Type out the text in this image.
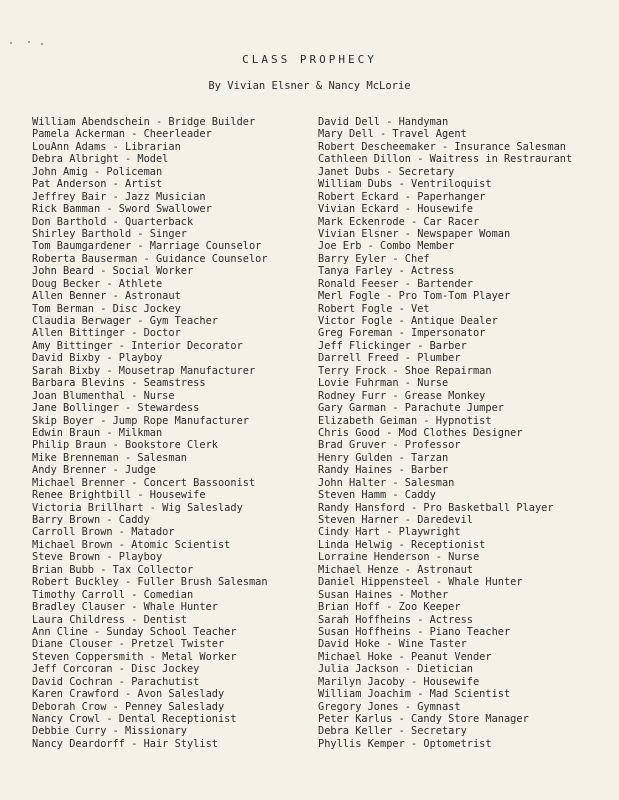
CLASS PROPHECY
By Vivian Elsner & Nancy McLorie
William Abendschein - Bridge Builder
Pamela Ackerman - Cheerleader
LouAnn Adams - Librarian
Debra Albright - Model
John Amig - Policeman
Pat Anderson - Artist
Jeffrey Bair - Jazz Musician
Rick Bamman - Sword Swallower
Don Barthold - Quarterback
Shirley Barthold - Singer
Tom Baumgardener - Marriage Counselor
Roberta Bauserman - Guidance Counselor
John Beard - Social Worker
Doug Becker - Athlete
Allen Benner - Astronaut
Tom Berman - Disc Jockey
Claudia Berwager - Gym Teacher
Allen Bittinger - Doctor
Amy Bittinger - Interior Decorator
David Bixby - Playboy
Sarah Bixby - Mousetrap Manufacturer
Barbara Blevins - Seamstress
Joan Blumenthal - Nurse
Jane Bollinger - Stewardess
Skip Boyer - Jump Rope Manufacturer
Edwin Braun - Milkman
Philip Braun - Bookstore Clerk
Mike Brenneman - Salesman
Andy Brenner - Judge
Michael Brenner - Concert Bassoonist
Renee Brightbill - Housewife
Victoria Brillhart - Wig Saleslady
Barry Brown - Caddy
Carroll Brown - Matador
Michael Brown - Atomic Scientist
Steve Brown - Playboy
Brian Bubb - Tax Collector
Robert Buckley - Fuller Brush Salesman
Timothy Carroll - Comedian
Bradley Clauser - Whale Hunter
Laura Childress - Dentist
Ann Cline - Sunday School Teacher
Diane Clouser - Pretzel Twister
Steven Coppersmith - Metal Worker
Jeff Corcoran - Disc Jockey
David Cochran - Parachutist
Karen Crawford - Avon Saleslady
Deborah Crow - Penney Saleslady
Nancy Crowl - Dental Receptionist
Debbie Curry - Missionary
Nancy Deardorff - Hair Stylist
David Dell - Handyman
Mary Dell - Travel Agent
Robert Descheemaker - Insurance Salesman
Cathleen Dillon - Waitress in Restraurant
Janet Dubs - Secretary
William Dubs - Ventriloquist
Robert Eckard - Paperhanger
Vivian Eckard - Housewife
Mark Eckenrode - Car Racer
Vivian Elsner - Newspaper Woman
Joe Erb - Combo Member
Barry Eyler - Chef
Tanya Farley - Actress
Ronald Feeser - Bartender
Merl Fogle - Pro Tom-Tom Player
Robert Fogle - Vet
Victor Fogle - Antique Dealer
Greg Foreman - Impersonator
Jeff Flickinger - Barber
Darrell Freed - Plumber
Terry Frock - Shoe Repairman
Lovie Fuhrman - Nurse
Rodney Furr - Grease Monkey
Gary Garman - Parachute Jumper
Elizabeth Geiman - Hypnotist
Chris Good - Mod Clothes Designer
Brad Gruver - Professor
Henry Gulden - Tarzan
Randy Haines - Barber
John Halter - Salesman
Steven Hamm - Caddy
Randy Hansford - Pro Basketball Player
Steven Harner - Daredevil
Cindy Hart - Playwright
Linda Helwig - Receptionist
Lorraine Henderson - Nurse
Michael Henze - Astronaut
Daniel Hippensteel - Whale Hunter
Susan Haines - Mother
Brian Hoff - Zoo Keeper
Sarah Hoffheins - Actress
Susan Hoffheins - Piano Teacher
David Hoke - Wine Taster
Michael Hoke - Peanut Vender
Julia Jackson - Dietician
Marilyn Jacoby - Housewife
William Joachim - Mad Scientist
Gregory Jones - Gymnast
Peter Karlus - Candy Store Manager
Debra Keller - Secretary
Phyllis Kemper - Optometrist
